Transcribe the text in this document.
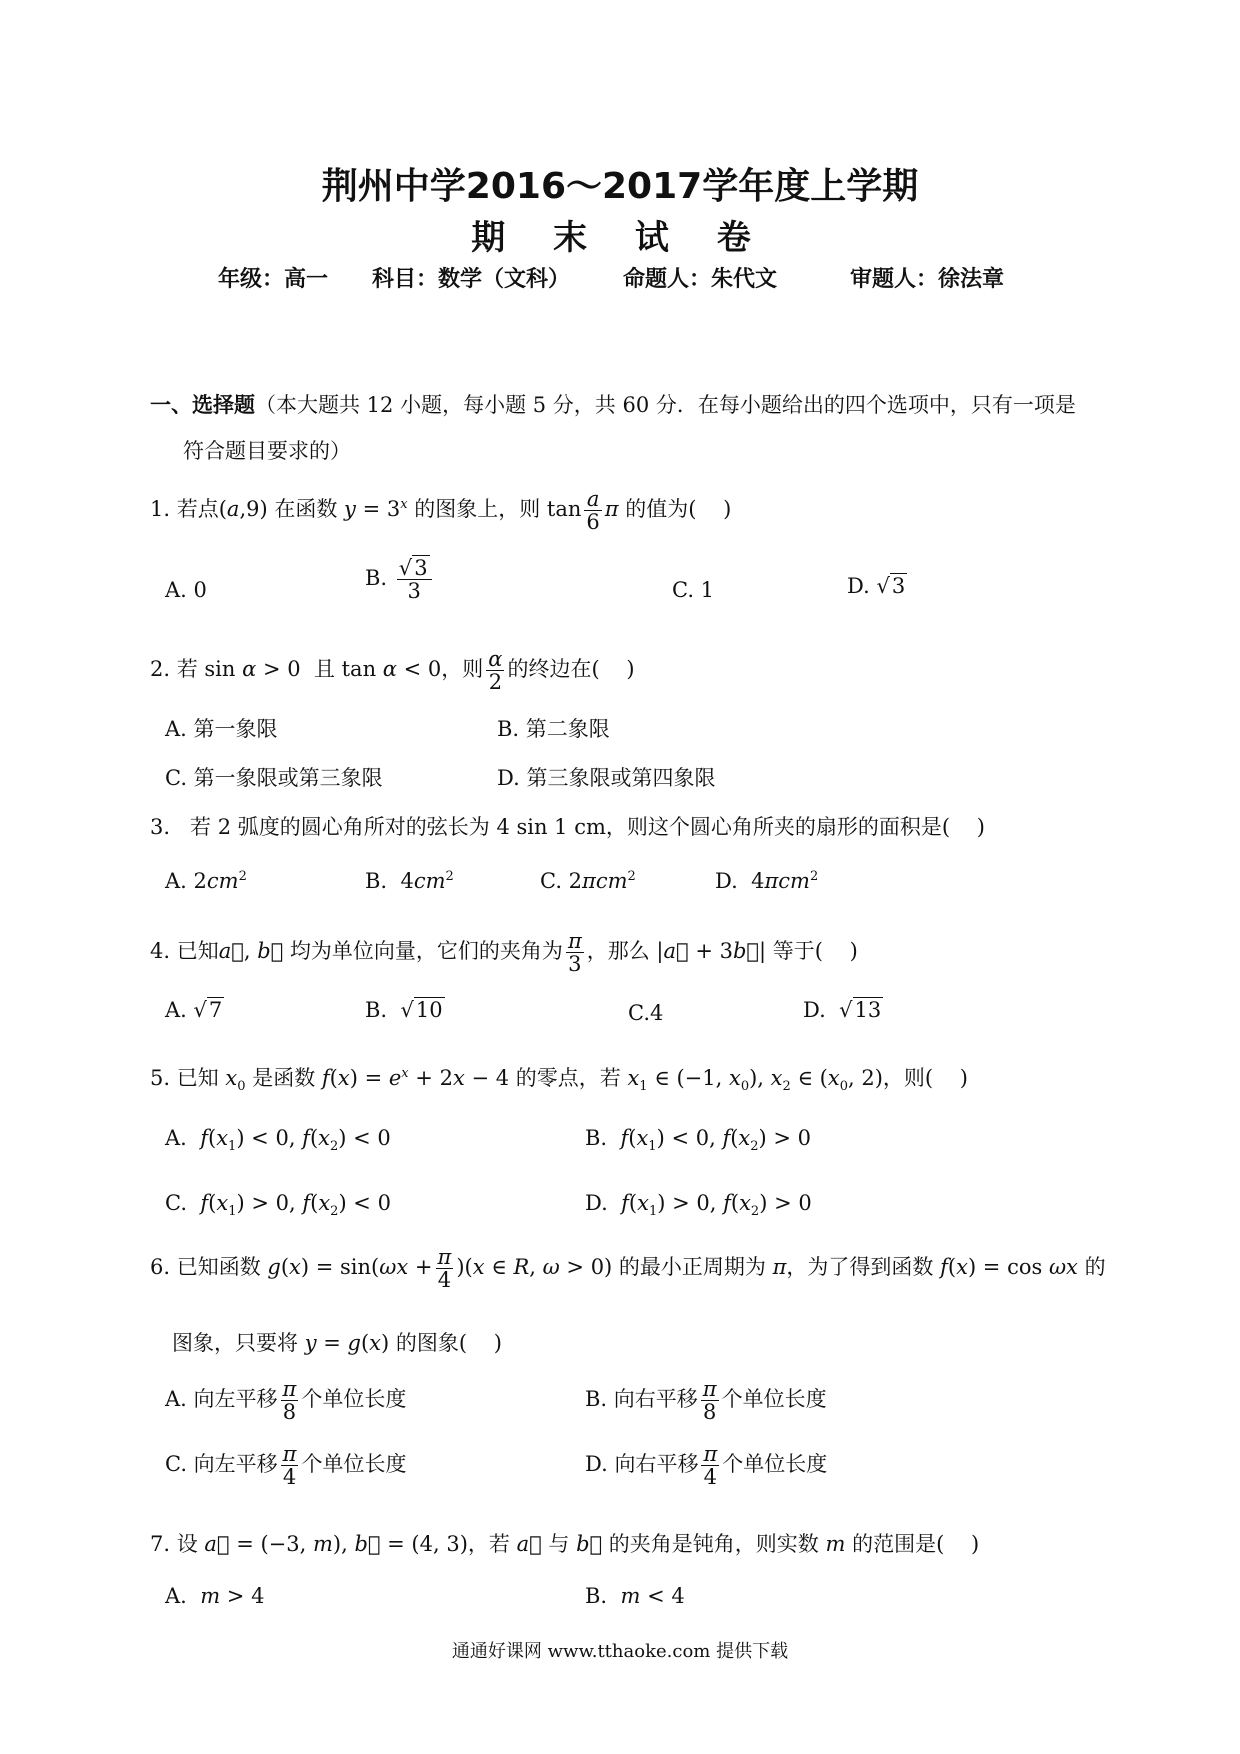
荆州中学2016～2017学年度上学期
期 末 试 卷
年级：高一 科目：数学（文科） 命题人：朱代文	审题人：徐法章
一、选择题（本大题共 12 小题，每小题 5 分，共 60 分．在每小题给出的四个选项中，只有一项是
符合题目要求的）
1. 若点(a,9) 在函数 $y = 3^x$ 的图象上，则 $\tan \frac{a}{6}$ π 的值为(    )
A. 0	B. $\frac{√3}{3}$	C. 1	D. √3
2. 若 sin α > 0  且 tan α < 0，则 $\frac{\alpha}{2}$ 的终边在(    )
A. 第一象限	B. 第二象限
C. 第一象限或第三象限	D. 第三象限或第四象限
3.   若 2 弧度的圆心角所对的弦长为 4 sin 1 cm，则这个圆心角所夹的扇形的面积是(    )
A. $2cm^2$	B.  $4cm^2$	C. 2πcm$^2$	D.  4πcm$^2$
4. 已知a⃗, b⃗ 均为单位向量，它们的夹角为 $\frac{\pi}{3}$ ，那么 |a⃗ + 3b⃗| 等于(    )
A. √7	B.  √10	C.4	D.  √13
5. 已知 $x_0$ 是函数 $f(x) = e^x + 2x - 4$ 的零点，若 $x_1$ ∈ (−1, $x_0$), $x_2$ ∈ ($x_0$, 2)，则(    )
A.  $f(x_1) < 0$, $f(x_2) < 0$	B.  $f(x_1) < 0$, $f(x_2) > 0$
C.  $f(x_1) > 0$, $f(x_2) < 0$	D.  $f(x_1) > 0$, $f(x_2) > 0$
6. 已知函数 $g(x) = \sin(\omega x + \frac{\pi}{4} )(x$ ∈ R, ω > 0) 的最小正周期为 π，为了得到函数 f(x) = cos ωx 的
图象，只要将 y = g(x) 的图象(    )
A. 向左平移 $\frac{\pi}{8}$ 个单位长度	B. 向右平移 $\frac{\pi}{8}$ 个单位长度
C. 向左平移 $\frac{\pi}{4}$ 个单位长度	D. 向右平移 $\frac{\pi}{4}$ 个单位长度
7. 设 a⃗ = (−3, m), b⃗ = (4, 3)，若 a⃗ 与 b⃗ 的夹角是钝角，则实数 m 的范围是(    )
A.  m > 4	B.  m < 4
通通好课网 www.tthaoke.com 提供下载
